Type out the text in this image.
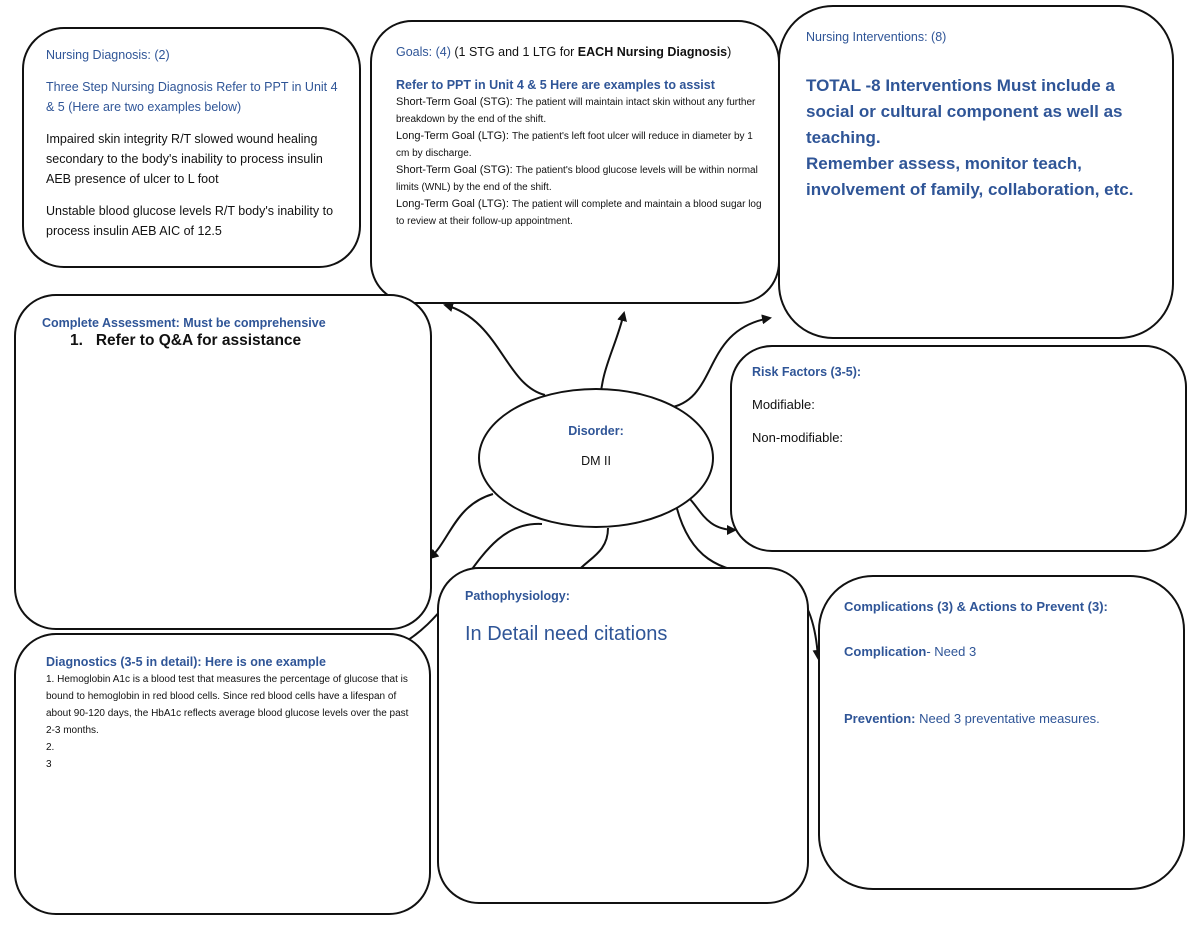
Nursing Diagnosis: (2)

Three Step Nursing Diagnosis Refer to PPT in Unit 4 & 5 (Here are two examples below)

Impaired skin integrity R/T slowed wound healing secondary to the body's inability to process insulin AEB presence of ulcer to L foot

Unstable blood glucose levels R/T body's inability to process insulin AEB AIC of 12.5

Goals: (4) (1 STG and 1 LTG for EACH Nursing Diagnosis)

Refer to PPT in Unit 4 & 5 Here are examples to assist

Short-Term Goal (STG): The patient will maintain intact skin without any further breakdown by the end of the shift.

Long-Term Goal (LTG): The patient's left foot ulcer will reduce in diameter by 1 cm by discharge.

Short-Term Goal (STG): The patient's blood glucose levels will be within normal limits (WNL) by the end of the shift.

Long-Term Goal (LTG): The patient will complete and maintain a blood sugar log to review at their follow-up appointment.

Nursing Interventions: (8)

TOTAL -8 Interventions Must include a social or cultural component as well as teaching.

Remember assess, monitor teach, involvement of family, collaboration, etc.

Complete Assessment: Must be comprehensive

1. Refer to Q&A for assistance

Disorder:

DM II

Risk Factors (3-5):

Modifiable:

Non-modifiable:

Diagnostics (3-5 in detail): Here is one example

1. Hemoglobin A1c is a blood test that measures the percentage of glucose that is bound to hemoglobin in red blood cells. Since red blood cells have a lifespan of about 90-120 days, the HbA1c reflects average blood glucose levels over the past 2-3 months.

2.

3

Pathophysiology:

In Detail need citations

Complications (3) & Actions to Prevent (3):

Complication- Need 3

Prevention: Need 3 preventative measures.
